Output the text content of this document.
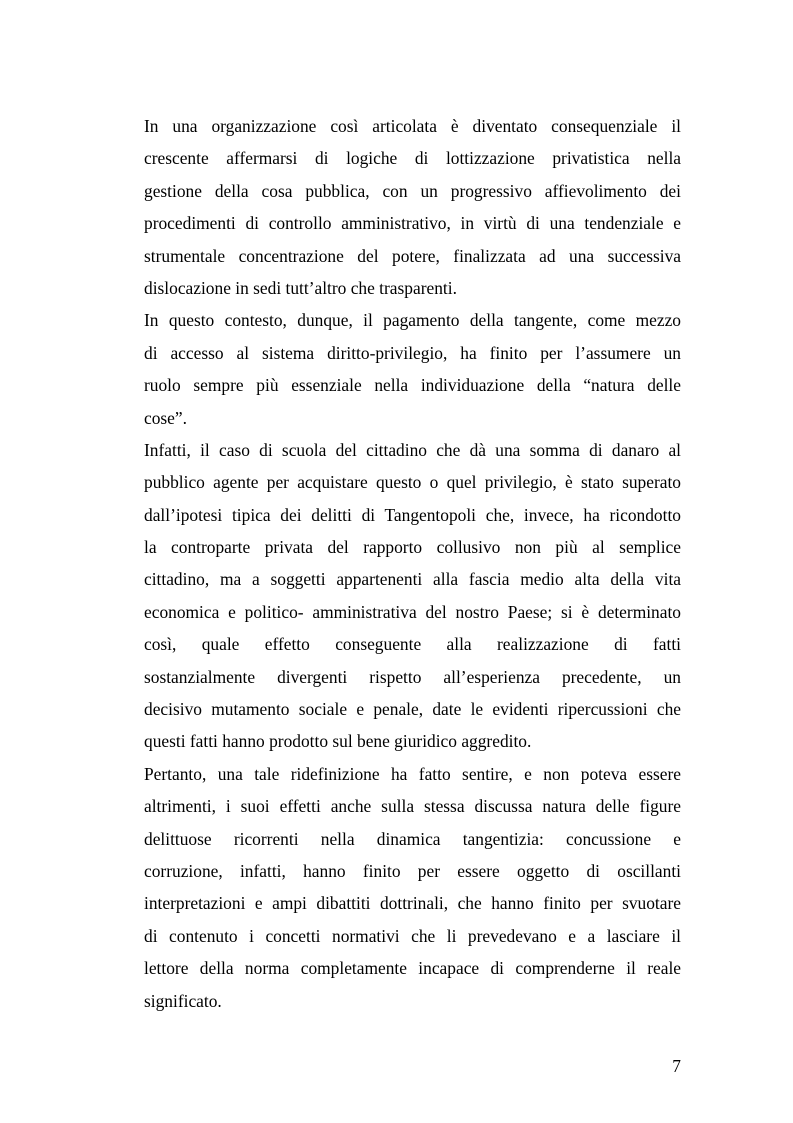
In una organizzazione così articolata è diventato consequenziale il
crescente affermarsi di logiche di lottizzazione privatistica nella
gestione della cosa pubblica, con un progressivo affievolimento dei
procedimenti di controllo amministrativo, in virtù di una tendenziale e
strumentale concentrazione del potere, finalizzata ad una successiva
dislocazione in sedi tutt’altro che trasparenti.
In questo contesto, dunque, il pagamento della tangente, come mezzo
di accesso al sistema diritto-privilegio, ha finito per l’assumere un
ruolo sempre più essenziale nella individuazione della “natura delle
cose”.
Infatti, il caso di scuola del cittadino che dà una somma di danaro al
pubblico agente per acquistare questo o quel privilegio, è stato superato
dall’ipotesi tipica dei delitti di Tangentopoli che, invece, ha ricondotto
la controparte privata del rapporto collusivo non più al semplice
cittadino, ma a soggetti appartenenti alla fascia medio alta della vita
economica e politico- amministrativa del nostro Paese; si è determinato
così, quale effetto conseguente alla realizzazione di fatti
sostanzialmente divergenti rispetto all’esperienza precedente, un
decisivo mutamento sociale e penale, date le evidenti ripercussioni che
questi fatti hanno prodotto sul bene giuridico aggredito.
Pertanto, una tale ridefinizione ha fatto sentire, e non poteva essere
altrimenti, i suoi effetti anche sulla stessa discussa natura delle figure
delittuose ricorrenti nella dinamica tangentizia: concussione e
corruzione, infatti, hanno finito per essere oggetto di oscillanti
interpretazioni e ampi dibattiti dottrinali, che hanno finito per svuotare
di contenuto i concetti normativi che li prevedevano e a lasciare il
lettore della norma completamente incapace di comprenderne il reale
significato.
7
